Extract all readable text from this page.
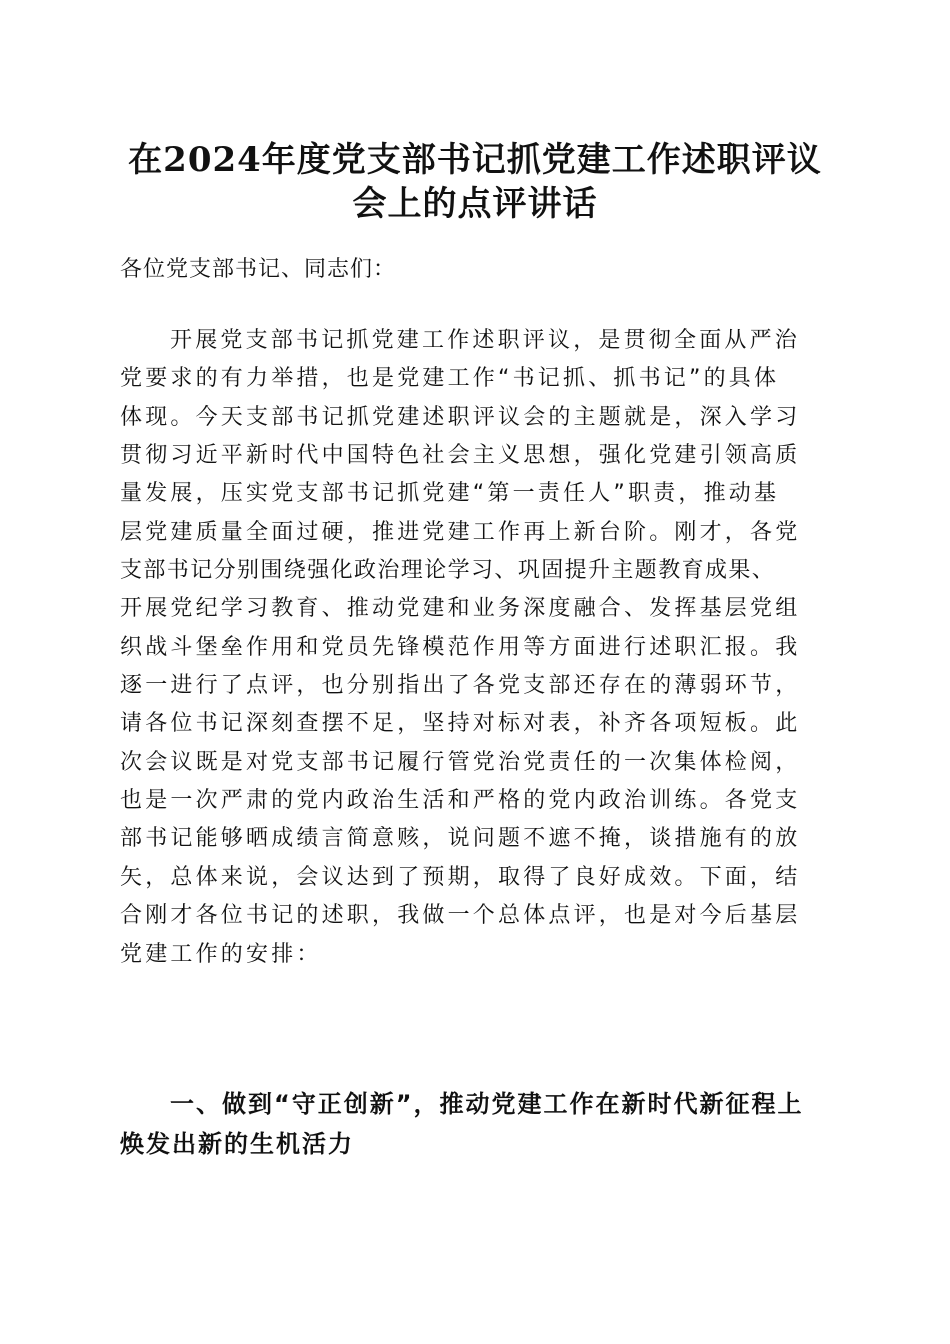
在2024年度党支部书记抓党建工作述职评议
会上的点评讲话

各位党支部书记、同志们：

开展党支部书记抓党建工作述职评议，是贯彻全面从严治
党要求的有力举措，也是党建工作“书记抓、抓书记”的具体
体现。今天支部书记抓党建述职评议会的主题就是，深入学习
贯彻习近平新时代中国特色社会主义思想，强化党建引领高质
量发展，压实党支部书记抓党建“第一责任人”职责，推动基
层党建质量全面过硬，推进党建工作再上新台阶。刚才，各党
支部书记分别围绕强化政治理论学习、巩固提升主题教育成果、
开展党纪学习教育、推动党建和业务深度融合、发挥基层党组
织战斗堡垒作用和党员先锋模范作用等方面进行述职汇报。我
逐一进行了点评，也分别指出了各党支部还存在的薄弱环节，
请各位书记深刻查摆不足，坚持对标对表，补齐各项短板。此
次会议既是对党支部书记履行管党治党责任的一次集体检阅，
也是一次严肃的党内政治生活和严格的党内政治训练。各党支
部书记能够晒成绩言简意赅，说问题不遮不掩，谈措施有的放
矢，总体来说，会议达到了预期，取得了良好成效。下面，结
合刚才各位书记的述职，我做一个总体点评，也是对今后基层
党建工作的安排：
一、做到“守正创新”，推动党建工作在新时代新征程上
焕发出新的生机活力
